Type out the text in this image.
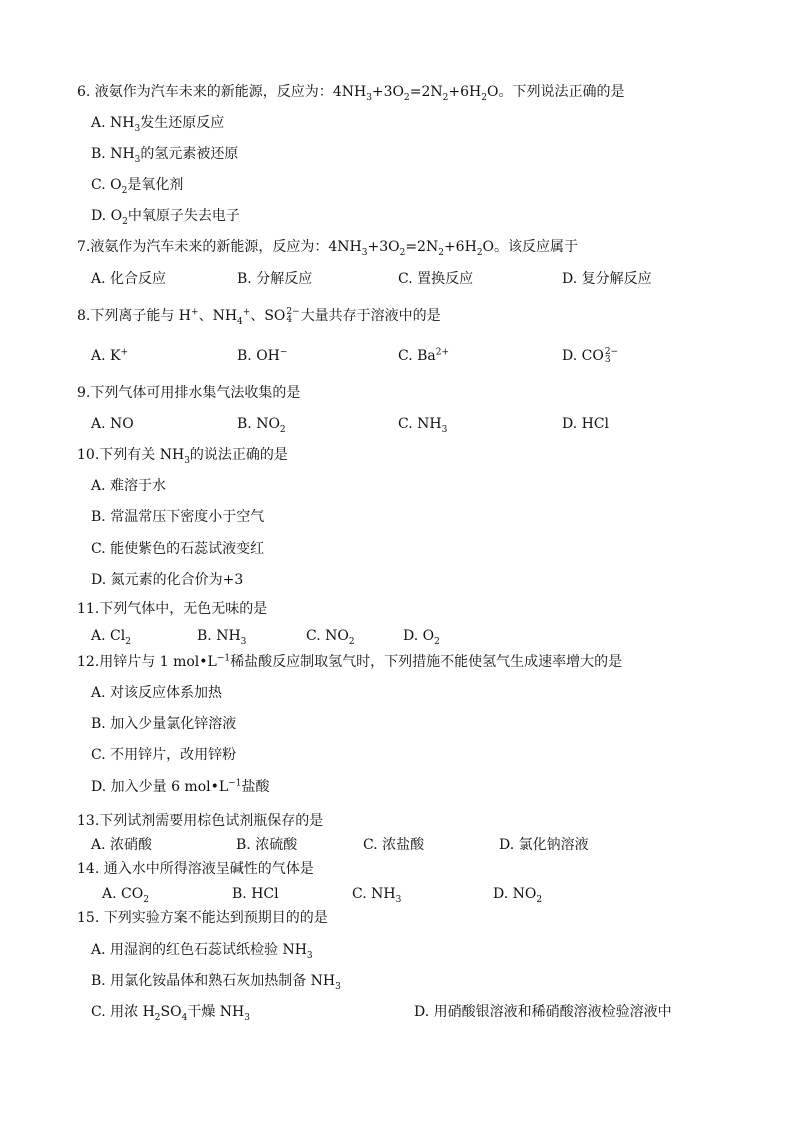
6. 液氨作为汽车未来的新能源，反应为：$4NH_3+3O_2=2N_2+6H_2O$。下列说法正确的是
A. $NH_3$发生还原反应
B. $NH_3$的氢元素被还原
C. $O_2$是氧化剂
D. $O_2$中氧原子失去电子
7.液氨作为汽车未来的新能源，反应为：$4NH_3+3O_2=2N_2+6H_2O$。该反应属于
A. 化合反应	B. 分解反应	C. 置换反应	D. 复分解反应
8.下列离子能与 H+、$NH_4^+$、SO 2−
4 大量共存于溶液中的是
A. K+	B. OH−	C. $Ba^{2+}$	D. CO 2−
3
9.下列气体可用排水集气法收集的是
A. NO	B. $NO_2$	C. $NH_3$	D. HCl
10.下列有关 $NH_3$的说法正确的是
A. 难溶于水
B. 常温常压下密度小于空气
C. 能使紫色的石蕊试液变红
D. 氮元素的化合价为+3
11.下列气体中，无色无味的是
A. $Cl_2$	B. $NH_3$	C. $NO_2$	D. $O_2$
12.用锌片与 1 $mol•L^{-1}$稀盐酸反应制取氢气时，下列措施不能使氢气生成速率增大的是
A. 对该反应体系加热
B. 加入少量氯化锌溶液
C. 不用锌片，改用锌粉
D. 加入少量 6 $mol•L^{-1}$盐酸
13.下列试剂需要用棕色试剂瓶保存的是
A. 浓硝酸	B. 浓硫酸	C. 浓盐酸	D. 氯化钠溶液
14. 通入水中所得溶液呈碱性的气体是
A. $CO_2$	B. HCl	C. $NH_3$	D. $NO_2$
15. 下列实验方案不能达到预期目的的是
A. 用湿润的红色石蕊试纸检验 $NH_3$
B. 用氯化铵晶体和熟石灰加热制备 $NH_3$
C. 用浓 $H_2SO_4$干燥 $NH_3$	D. 用硝酸银溶液和稀硝酸溶液检验溶液中
